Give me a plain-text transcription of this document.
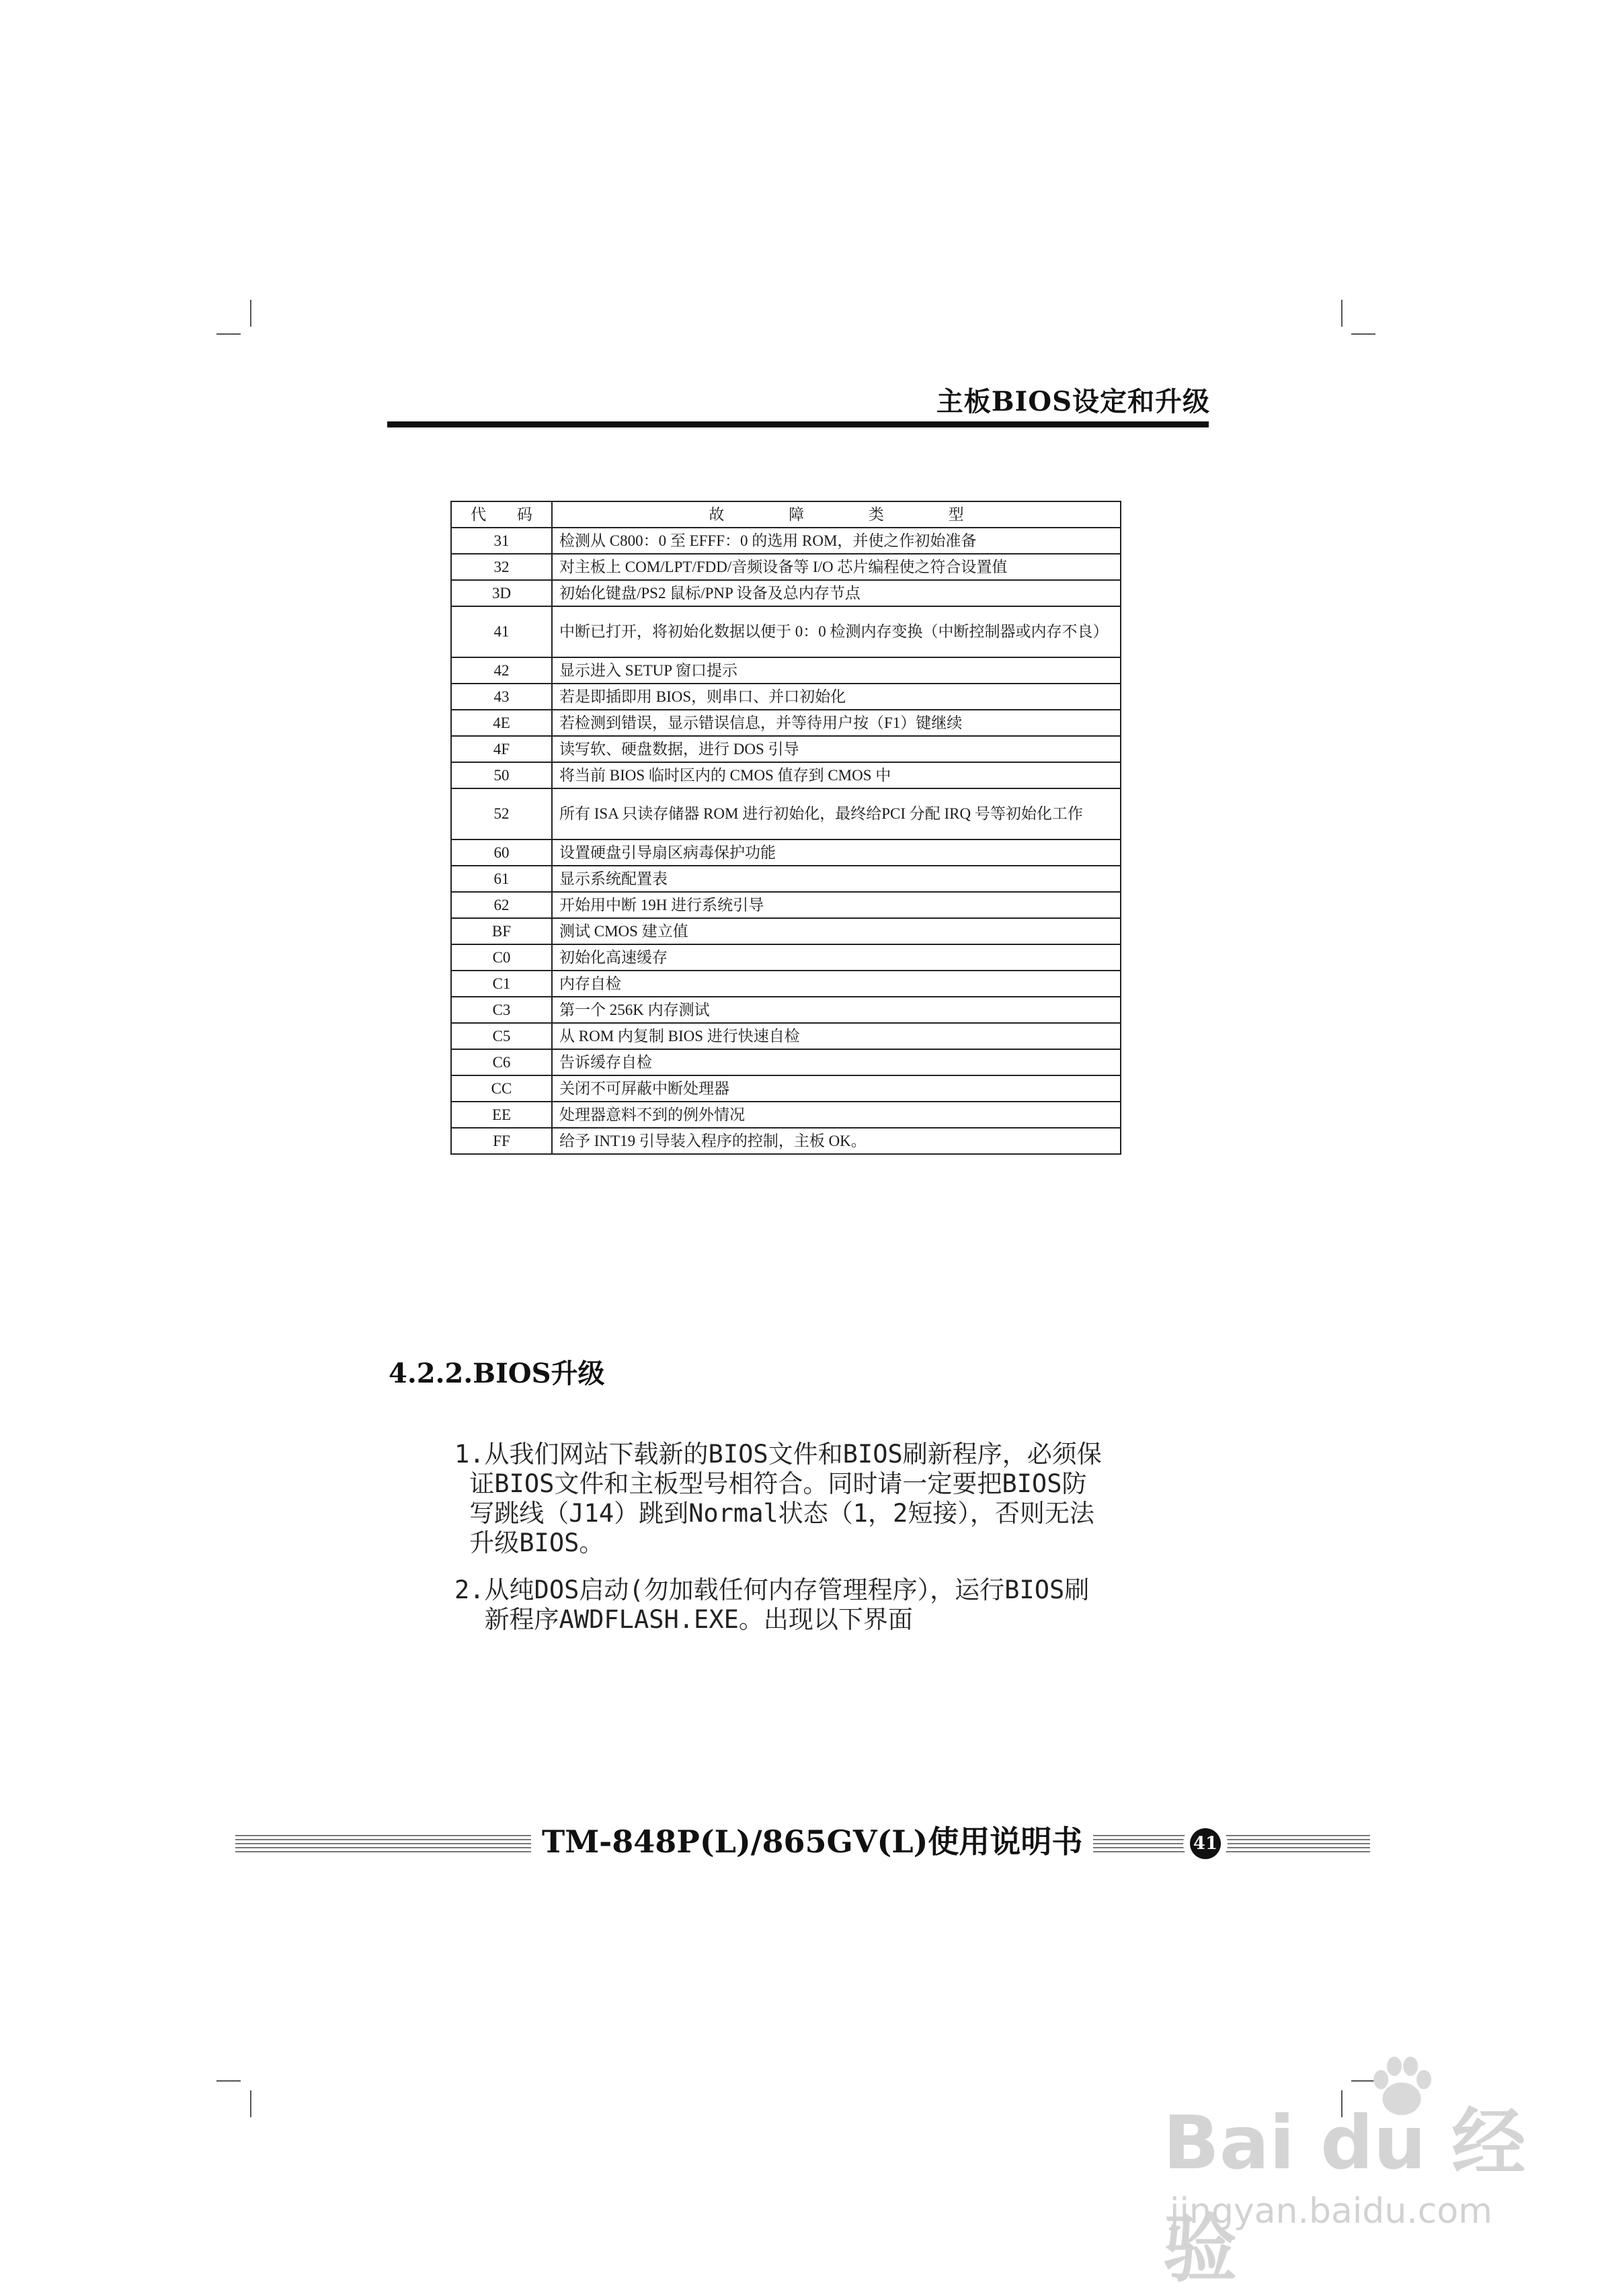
主板BIOS设定和升级
代 码	故 障 类 型
31	检测从 C800：0 至 EFFF：0 的选用 ROM，并使之作初始准备
32	对主板上 COM/LPT/FDD/音频设备等 I/O 芯片编程使之符合设置值
3D	初始化键盘/PS2 鼠标/PNP 设备及总内存节点
41	中断已打开，将初始化数据以便于 0：0 检测内存变换（中断控制器或内存不良）
42	显示进入 SETUP 窗口提示
43	若是即插即用 BIOS，则串口、并口初始化
4E	若检测到错误，显示错误信息，并等待用户按（F1）键继续
4F	读写软、硬盘数据，进行 DOS 引导
50	将当前 BIOS 临时区内的 CMOS 值存到 CMOS 中
52	所有 ISA 只读存储器 ROM 进行初始化，最终给PCI 分配 IRQ 号等初始化工作
60	设置硬盘引导扇区病毒保护功能
61	显示系统配置表
62	开始用中断 19H 进行系统引导
BF	测试 CMOS 建立值
C0	初始化高速缓存
C1	内存自检
C3	第一个 256K 内存测试
C5	从 ROM 内复制 BIOS 进行快速自检
C6	告诉缓存自检
CC	关闭不可屏蔽中断处理器
EE	处理器意料不到的例外情况
FF	给予 INT19 引导装入程序的控制，主板 OK。
4.2.2.BIOS升级
1.从我们网站下载新的BIOS文件和BIOS刷新程序，必须保
证BIOS文件和主板型号相符合。同时请一定要把BIOS防
写跳线（J14）跳到Normal状态（1，2短接），否则无法
升级BIOS。
2.从纯DOS启动(勿加载任何内存管理程序），运行BIOS刷
新程序AWDFLASH.EXE。出现以下界面
TM-848P(L)/865GV(L)使用说明书	41
Bai du 经验
jingyan.baidu.com
